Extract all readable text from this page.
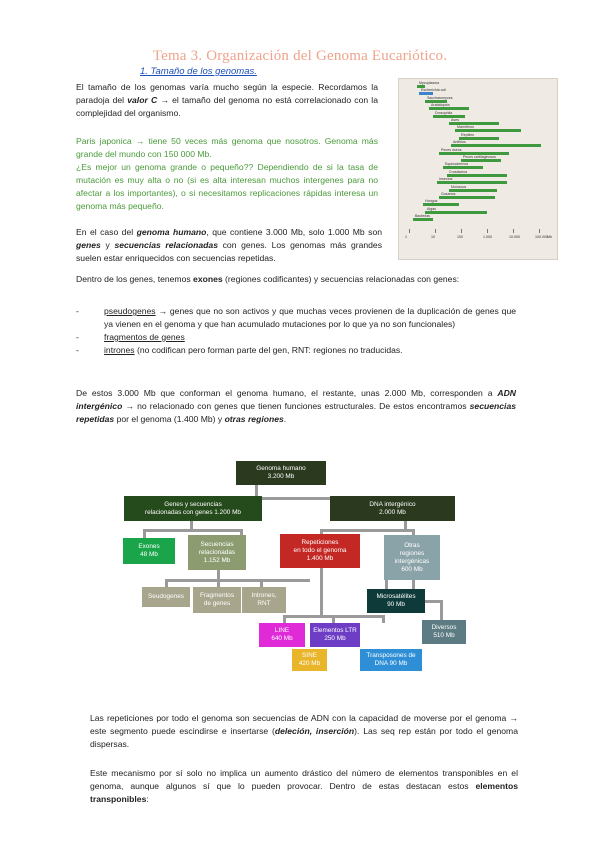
Tema 3. Organización del Genoma Eucariótico.
1. Tamaño de los genomas.
El tamaño de los genomas varía mucho según la especie. Recordamos la paradoja del valor C → el tamaño del genoma no está correlacionado con la complejidad del organismo.
Paris japonica → tiene 50 veces más genoma que nosotros. Genoma más grande del mundo con 150 000 Mb.
¿Es mejor un genoma grande o pequeño?? Dependiendo de si la tasa de mutación es muy alta o no (si es alta interesan muchos intergenes para no afectar a los importantes), o si necesitamos replicaciones rápidas interesa un genoma más pequeño.
En el caso del genoma humano, que contiene 3.000 Mb, solo 1.000 Mb son genes y secuencias relacionadas con genes. Los genomas más grandes suelen estar enriquecidos con secuencias repetidas.
Mycoplasma
Escherichia coli
Saccharomyces
Arabidopsis
Drosophila
Aves
Mamíferos
Reptiles
Anfibios
Peces óseos
Peces cartilaginosos
Equinodermos
Crustáceos
Insectos
Moluscos
Gusanos
Hongos
Algas
Bacterias
1	10	100	1.000	10.000	100.000 Mb
Dentro de los genes, tenemos exones (regiones codificantes) y secuencias relacionadas con genes:
- pseudogenes → genes que no son activos y que muchas veces provienen de la duplicación de genes que ya vienen en el genoma y que han acumulado mutaciones por lo que ya no son funcionales)
- fragmentos de genes
- intrones (no codifican pero forman parte del gen, RNT: regiones no traducidas.
De estos 3.000 Mb que conforman el genoma humano, el restante, unas 2.000 Mb, corresponden a ADN intergénico → no relacionado con genes que tienen funciones estructurales. De estos encontramos secuencias repetidas por el genoma (1.400 Mb) y otras regiones.
Genoma humano
3.200 Mb
Genes y secuencias
relacionadas con genes 1.200 Mb
DNA intergénico
2.000 Mb
Exones
48 Mb
Secuencias
relacionadas
1.152 Mb
Repeticiones
en todo el genoma
1.400 Mb
Otras
regiones
intergénicas
600 Mb
Seudogenes	Fragmentos
de genes
Intrones,
RNT
Microsatélites
90 Mb
Diversos
510 Mb
LINE
640 Mb
Elementos LTR
250 Mb
SINE
420 Mb
Transposones de
DNA 90 Mb
Las repeticiones por todo el genoma son secuencias de ADN con la capacidad de moverse por el genoma → este segmento puede escindirse e insertarse (deleción, inserción). Las seq rep están por todo el genoma dispersas.
Este mecanismo por sí solo no implica un aumento drástico del número de elementos transponibles en el genoma, aunque algunos sí que lo pueden provocar. Dentro de estas destacan estos elementos transponibles:
